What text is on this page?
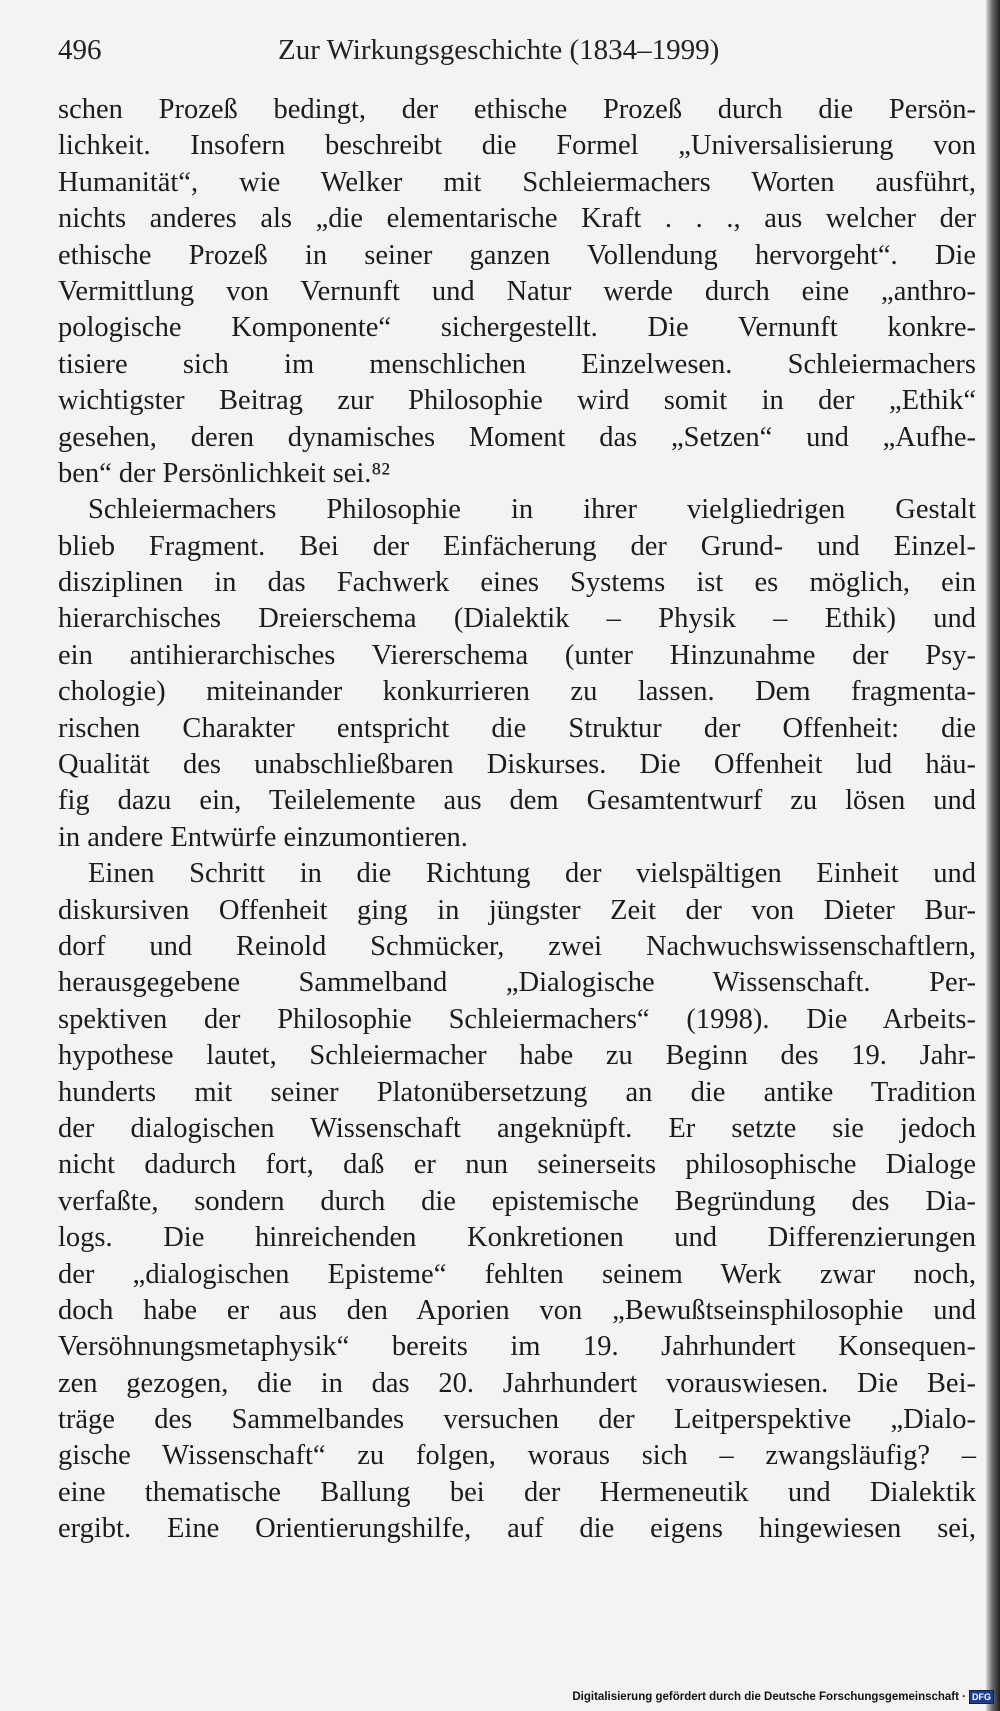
496	Zur Wirkungsgeschichte (1834–1999)
schen Prozeß bedingt, der ethische Prozeß durch die Persön-
lichkeit. Insofern beschreibt die Formel „Universalisierung von
Humanität“, wie Welker mit Schleiermachers Worten ausführt,
nichts anderes als „die elementarische Kraft . . ., aus welcher der
ethische Prozeß in seiner ganzen Vollendung hervorgeht“. Die
Vermittlung von Vernunft und Natur werde durch eine „anthro-
pologische Komponente“ sichergestellt. Die Vernunft konkre-
tisiere sich im menschlichen Einzelwesen. Schleiermachers
wichtigster Beitrag zur Philosophie wird somit in der „Ethik“
gesehen, deren dynamisches Moment das „Setzen“ und „Aufhe-
ben“ der Persönlichkeit sei.⁸²
Schleiermachers Philosophie in ihrer vielgliedrigen Gestalt
blieb Fragment. Bei der Einfächerung der Grund- und Einzel-
disziplinen in das Fachwerk eines Systems ist es möglich, ein
hierarchisches Dreierschema (Dialektik – Physik – Ethik) und
ein antihierarchisches Viererschema (unter Hinzunahme der Psy-
chologie) miteinander konkurrieren zu lassen. Dem fragmenta-
rischen Charakter entspricht die Struktur der Offenheit: die
Qualität des unabschließbaren Diskurses. Die Offenheit lud häu-
fig dazu ein, Teilelemente aus dem Gesamtentwurf zu lösen und
in andere Entwürfe einzumontieren.
Einen Schritt in die Richtung der vielspältigen Einheit und
diskursiven Offenheit ging in jüngster Zeit der von Dieter Bur-
dorf und Reinold Schmücker, zwei Nachwuchswissenschaftlern,
herausgegebene Sammelband „Dialogische Wissenschaft. Per-
spektiven der Philosophie Schleiermachers“ (1998). Die Arbeits-
hypothese lautet, Schleiermacher habe zu Beginn des 19. Jahr-
hunderts mit seiner Platonübersetzung an die antike Tradition
der dialogischen Wissenschaft angeknüpft. Er setzte sie jedoch
nicht dadurch fort, daß er nun seinerseits philosophische Dialoge
verfaßte, sondern durch die epistemische Begründung des Dia-
logs. Die hinreichenden Konkretionen und Differenzierungen
der „dialogischen Episteme“ fehlten seinem Werk zwar noch,
doch habe er aus den Aporien von „Bewußtseinsphilosophie und
Versöhnungsmetaphysik“ bereits im 19. Jahrhundert Konsequen-
zen gezogen, die in das 20. Jahrhundert vorauswiesen. Die Bei-
träge des Sammelbandes versuchen der Leitperspektive „Dialo-
gische Wissenschaft“ zu folgen, woraus sich – zwangsläufig? –
eine thematische Ballung bei der Hermeneutik und Dialektik
ergibt. Eine Orientierungshilfe, auf die eigens hingewiesen sei,
Digitalisierung gefördert durch die Deutsche Forschungsgemeinschaft · DFG
